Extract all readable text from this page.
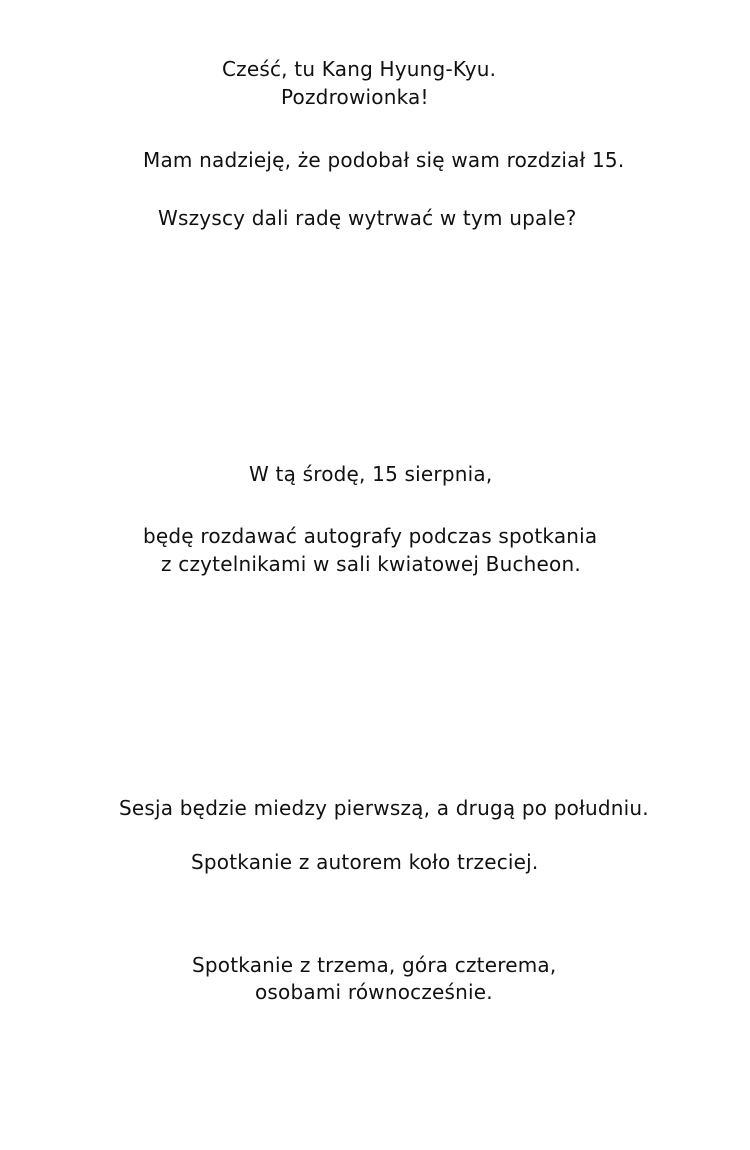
Cześć, tu Kang Hyung-Kyu.
Pozdrowionka!
Mam nadzieję, że podobał się wam rozdział 15.
Wszyscy dali radę wytrwać w tym upale?
W tą środę, 15 sierpnia,
będę rozdawać autografy podczas spotkania
z czytelnikami w sali kwiatowej Bucheon.
Sesja będzie miedzy pierwszą, a drugą po południu.
Spotkanie z autorem koło trzeciej.
Spotkanie z trzema, góra czterema,
osobami równocześnie.
